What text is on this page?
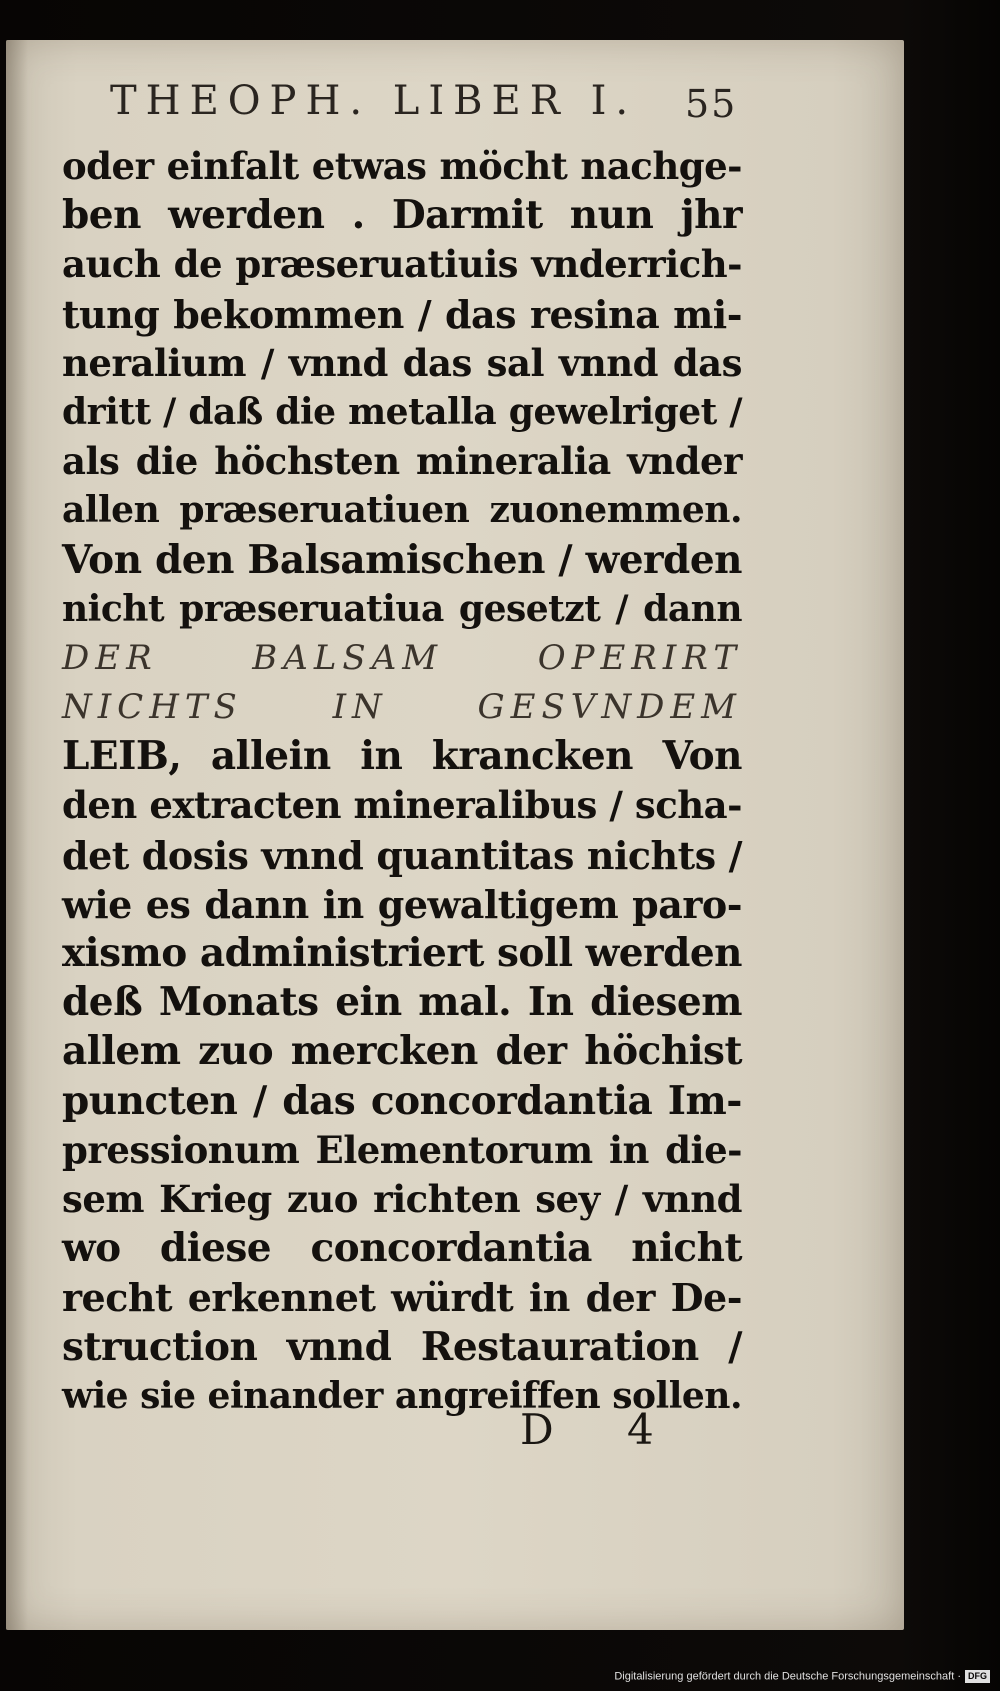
THEOPH. LIBER I. 55
oder einfalt etwas möcht nachge-
ben werden . Darmit nun jhr
auch de præseruatiuis vnderrich-
tung bekommen / das resina mi-
neralium / vnnd das sal vnnd das
dritt / daß die metalla gewelriget /
als die höchsten mineralia vnder
allen præseruatiuen zuonemmen.
Von den Balsamischen / werden
nicht præseruatiua gesetzt / dann
DER BALSAM OPERIRT
NICHTS IN GESVNDEM
LEIB, allein in krancken Von
den extracten mineralibus / scha-
det dosis vnnd quantitas nichts /
wie es dann in gewaltigem paro-
xismo administriert soll werden
deß Monats ein mal. In diesem
allem zuo mercken der höchist
puncten / das concordantia Im-
pressionum Elementorum in die-
sem Krieg zuo richten sey / vnnd
wo diese concordantia nicht
recht erkennet würdt in der De-
struction vnnd Restauration /
wie sie einander angreiffen sollen.
D 4
Digitalisierung gefördert durch die Deutsche Forschungsgemeinschaft · DFG
